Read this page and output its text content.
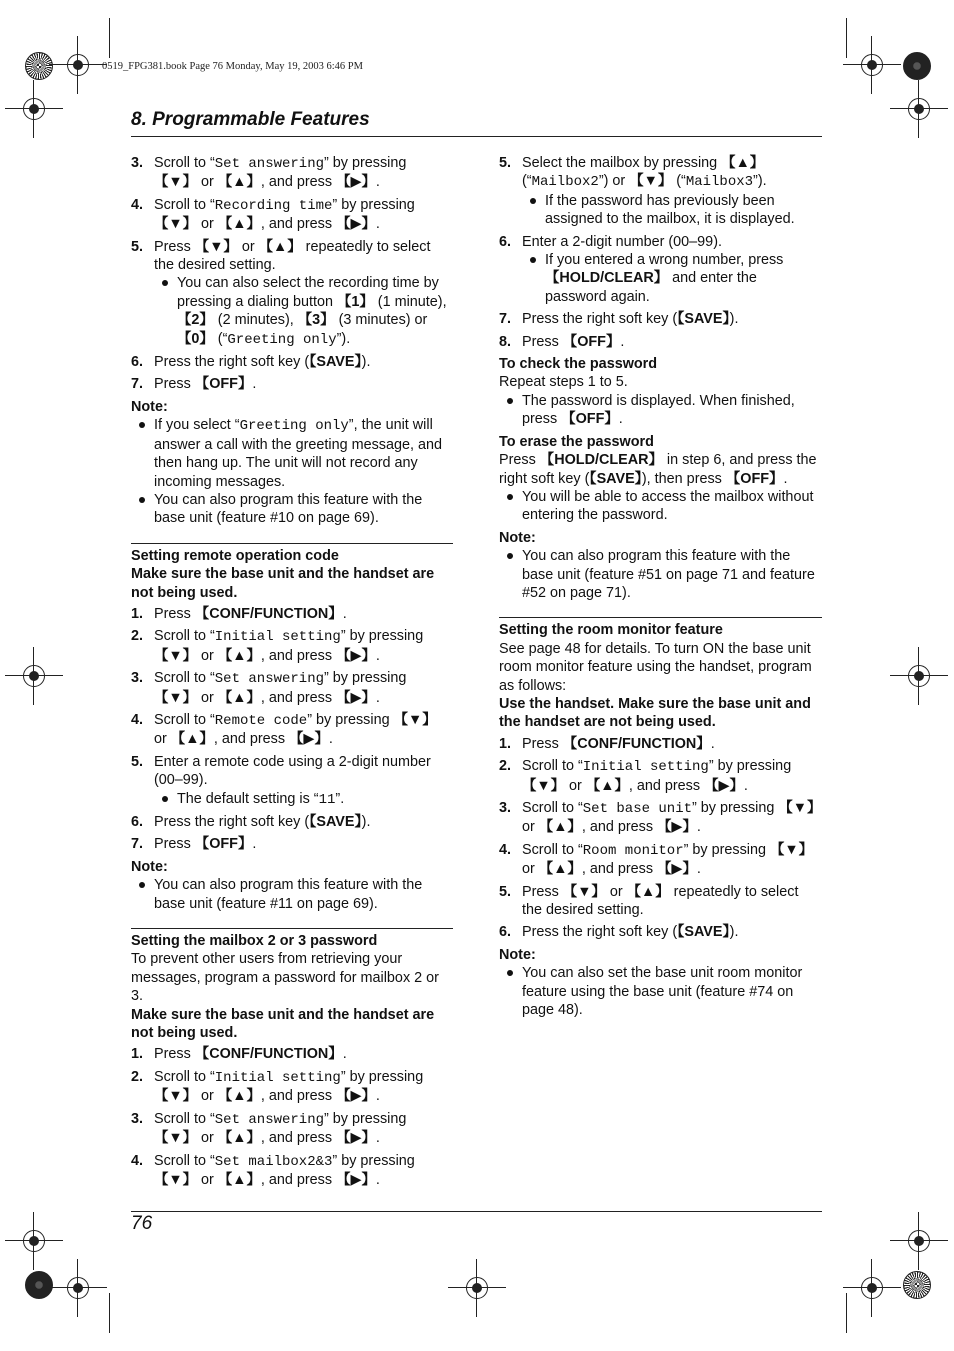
0519_FPG381.book Page 76 Monday, May 19, 2003 6:46 PM
8. Programmable Features
3. Scroll to “Set answering” by pressing 【▼】 or 【▲】, and press 【▶】.
4. Scroll to “Recording time” by pressing 【▼】 or 【▲】, and press 【▶】.
5. Press 【▼】 or 【▲】 repeatedly to select the desired setting.
You can also select the recording time by pressing a dialing button 【1】 (1 minute), 【2】 (2 minutes), 【3】 (3 minutes) or 【0】 (“Greeting only”).
6. Press the right soft key (【SAVE】).
7. Press 【OFF】.
Note:
If you select “Greeting only”, the unit will answer a call with the greeting message, and then hang up. The unit will not record any incoming messages.
You can also program this feature with the base unit (feature #10 on page 69).
Setting remote operation code
Make sure the base unit and the handset are not being used.
1. Press 【CONF/FUNCTION】.
2. Scroll to “Initial setting” by pressing 【▼】 or 【▲】, and press 【▶】.
3. Scroll to “Set answering” by pressing 【▼】 or 【▲】, and press 【▶】.
4. Scroll to “Remote code” by pressing 【▼】 or 【▲】, and press 【▶】.
5. Enter a remote code using a 2-digit number (00–99).
The default setting is “11”.
6. Press the right soft key (【SAVE】).
7. Press 【OFF】.
Note:
You can also program this feature with the base unit (feature #11 on page 69).
Setting the mailbox 2 or 3 password
To prevent other users from retrieving your messages, program a password for mailbox 2 or 3.
Make sure the base unit and the handset are not being used.
1. Press 【CONF/FUNCTION】.
2. Scroll to “Initial setting” by pressing 【▼】 or 【▲】, and press 【▶】.
3. Scroll to “Set answering” by pressing 【▼】 or 【▲】, and press 【▶】.
4. Scroll to “Set mailbox2&3” by pressing 【▼】 or 【▲】, and press 【▶】.
5. Select the mailbox by pressing 【▲】 (“Mailbox2”) or 【▼】 (“Mailbox3”).
If the password has previously been assigned to the mailbox, it is displayed.
6. Enter a 2-digit number (00–99).
If you entered a wrong number, press 【HOLD/CLEAR】 and enter the password again.
7. Press the right soft key (【SAVE】).
8. Press 【OFF】.
To check the password
Repeat steps 1 to 5.
The password is displayed. When finished, press 【OFF】.
To erase the password
Press 【HOLD/CLEAR】 in step 6, and press the right soft key (【SAVE】), then press 【OFF】.
You will be able to access the mailbox without entering the password.
Note:
You can also program this feature with the base unit (feature #51 on page 71 and feature #52 on page 71).
Setting the room monitor feature
See page 48 for details. To turn ON the base unit room monitor feature using the handset, program as follows:
Use the handset. Make sure the base unit and the handset are not being used.
1. Press 【CONF/FUNCTION】.
2. Scroll to “Initial setting” by pressing 【▼】 or 【▲】, and press 【▶】.
3. Scroll to “Set base unit” by pressing 【▼】 or 【▲】, and press 【▶】.
4. Scroll to “Room monitor” by pressing 【▼】 or 【▲】, and press 【▶】.
5. Press 【▼】 or 【▲】 repeatedly to select the desired setting.
6. Press the right soft key (【SAVE】).
Note:
You can also set the base unit room monitor feature using the base unit (feature #74 on page 48).
76
